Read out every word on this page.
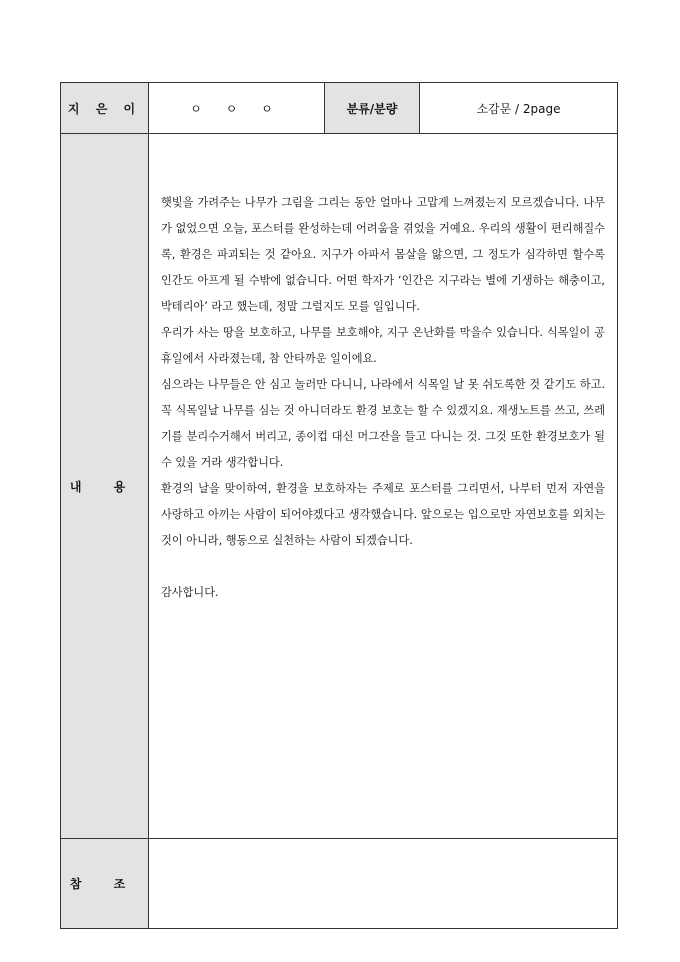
지 은 이	ㅇ ㅇ ㅇ	분류/분량	소감문 / 2page
내 용	햇빛을 가려주는 나무가 그림을 그리는 동안 얼마나 고맙게 느껴졌는지 모르겠습니다. 나무가 없었으면 오늘, 포스터를 완성하는데 어려움을 겪었을 거예요. 우리의 생활이 편리해질수록, 환경은 파괴되는 것 같아요. 지구가 아파서 몸살을 앓으면, 그 정도가 심각하면 할수록 인간도 아프게 될 수밖에 없습니다. 어떤 학자가 ‘인간은 지구라는 별에 기생하는 해충이고, 박테리아’ 라고 했는데, 정말 그럴지도 모를 일입니다.

우리가 사는 땅을 보호하고, 나무를 보호해야, 지구 온난화를 막을수 있습니다. 식목일이 공휴일에서 사라졌는데, 참 안타까운 일이에요.

심으라는 나무들은 안 심고 놀러만 다니니, 나라에서 식목일 날 못 쉬도록한 것 같기도 하고. 꼭 식목일날 나무를 심는 것 아니더라도 환경 보호는 할 수 있겠지요. 재생노트를 쓰고, 쓰레기를 분리수거해서 버리고, 종이컵 대신 머그잔을 들고 다니는 것. 그것 또한 환경보호가 될 수 있을 거라 생각합니다.

환경의 날을 맞이하여, 환경을 보호하자는 주제로 포스터를 그리면서, 나부터 먼저 자연을 사랑하고 아끼는 사람이 되어야겠다고 생각했습니다. 앞으로는 입으로만 자연보호를 외치는 것이 아니라, 행동으로 실천하는 사람이 되겠습니다.

감사합니다.		

참 조			
